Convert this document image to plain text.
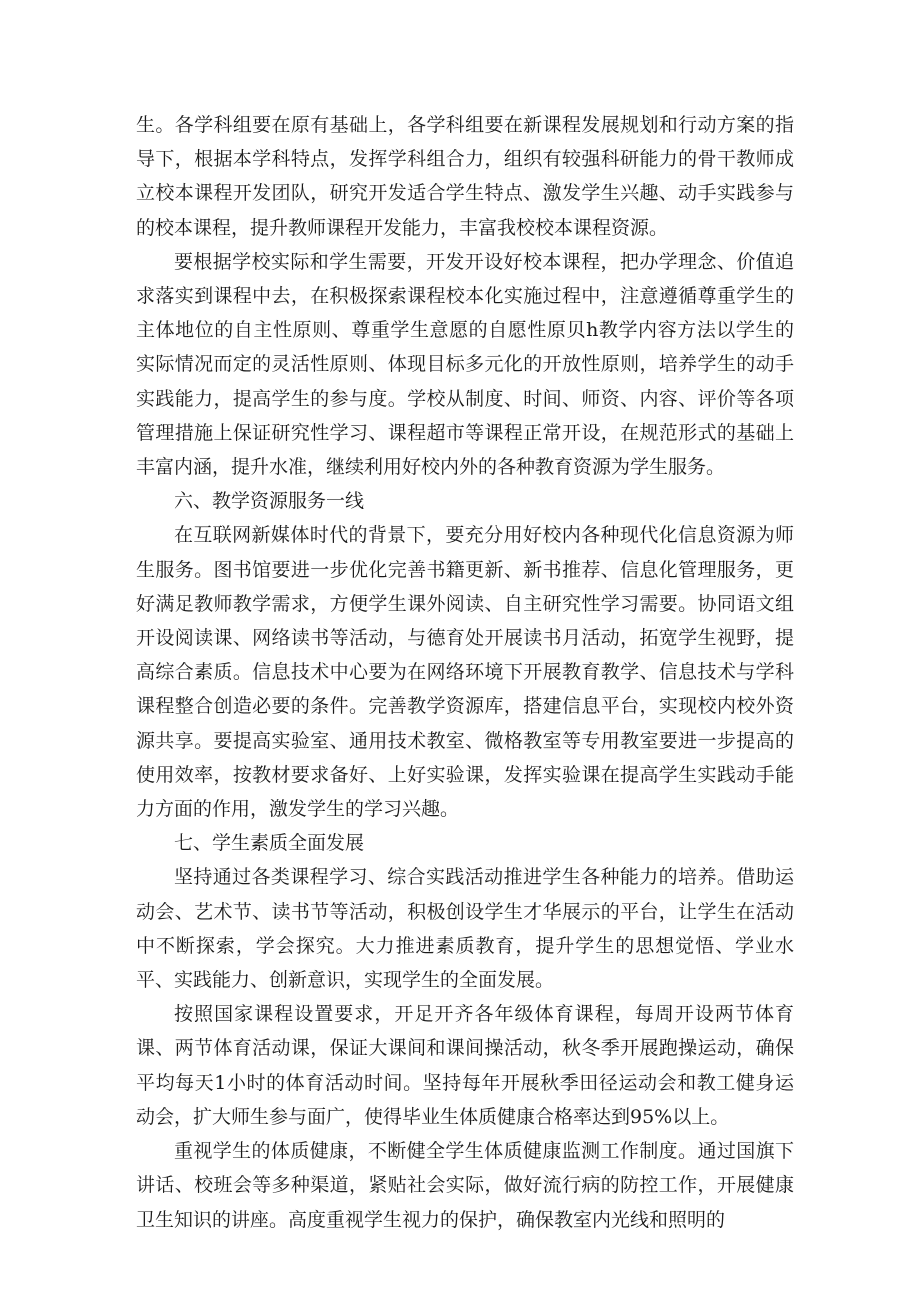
生。各学科组要在原有基础上，各学科组要在新课程发展规划和行动方案的指导下，根据本学科特点，发挥学科组合力，组织有较强科研能力的骨干教师成立校本课程开发团队，研究开发适合学生特点、激发学生兴趣、动手实践参与的校本课程，提升教师课程开发能力，丰富我校校本课程资源。

要根据学校实际和学生需要，开发开设好校本课程，把办学理念、价值追求落实到课程中去，在积极探索课程校本化实施过程中，注意遵循尊重学生的主体地位的自主性原则、尊重学生意愿的自愿性原贝h教学内容方法以学生的实际情况而定的灵活性原则、体现目标多元化的开放性原则，培养学生的动手实践能力，提高学生的参与度。学校从制度、时间、师资、内容、评价等各项管理措施上保证研究性学习、课程超市等课程正常开设，在规范形式的基础上丰富内涵，提升水准，继续利用好校内外的各种教育资源为学生服务。

六、教学资源服务一线

在互联网新媒体时代的背景下，要充分用好校内各种现代化信息资源为师生服务。图书馆要进一步优化完善书籍更新、新书推荐、信息化管理服务，更好满足教师教学需求，方便学生课外阅读、自主研究性学习需要。协同语文组开设阅读课、网络读书等活动，与德育处开展读书月活动，拓宽学生视野，提高综合素质。信息技术中心要为在网络环境下开展教育教学、信息技术与学科课程整合创造必要的条件。完善教学资源库，搭建信息平台，实现校内校外资源共享。要提高实验室、通用技术教室、微格教室等专用教室要进一步提高的使用效率，按教材要求备好、上好实验课，发挥实验课在提高学生实践动手能力方面的作用，激发学生的学习兴趣。

七、学生素质全面发展

坚持通过各类课程学习、综合实践活动推进学生各种能力的培养。借助运动会、艺术节、读书节等活动，积极创设学生才华展示的平台，让学生在活动中不断探索，学会探究。大力推进素质教育，提升学生的思想觉悟、学业水平、实践能力、创新意识，实现学生的全面发展。

按照国家课程设置要求，开足开齐各年级体育课程，每周开设两节体育课、两节体育活动课，保证大课间和课间操活动，秋冬季开展跑操运动，确保平均每天1小时的体育活动时间。坚持每年开展秋季田径运动会和教工健身运动会，扩大师生参与面广，使得毕业生体质健康合格率达到95%以上。

重视学生的体质健康，不断健全学生体质健康监测工作制度。通过国旗下讲话、校班会等多种渠道，紧贴社会实际，做好流行病的防控工作，开展健康卫生知识的讲座。高度重视学生视力的保护，确保教室内光线和照明的
